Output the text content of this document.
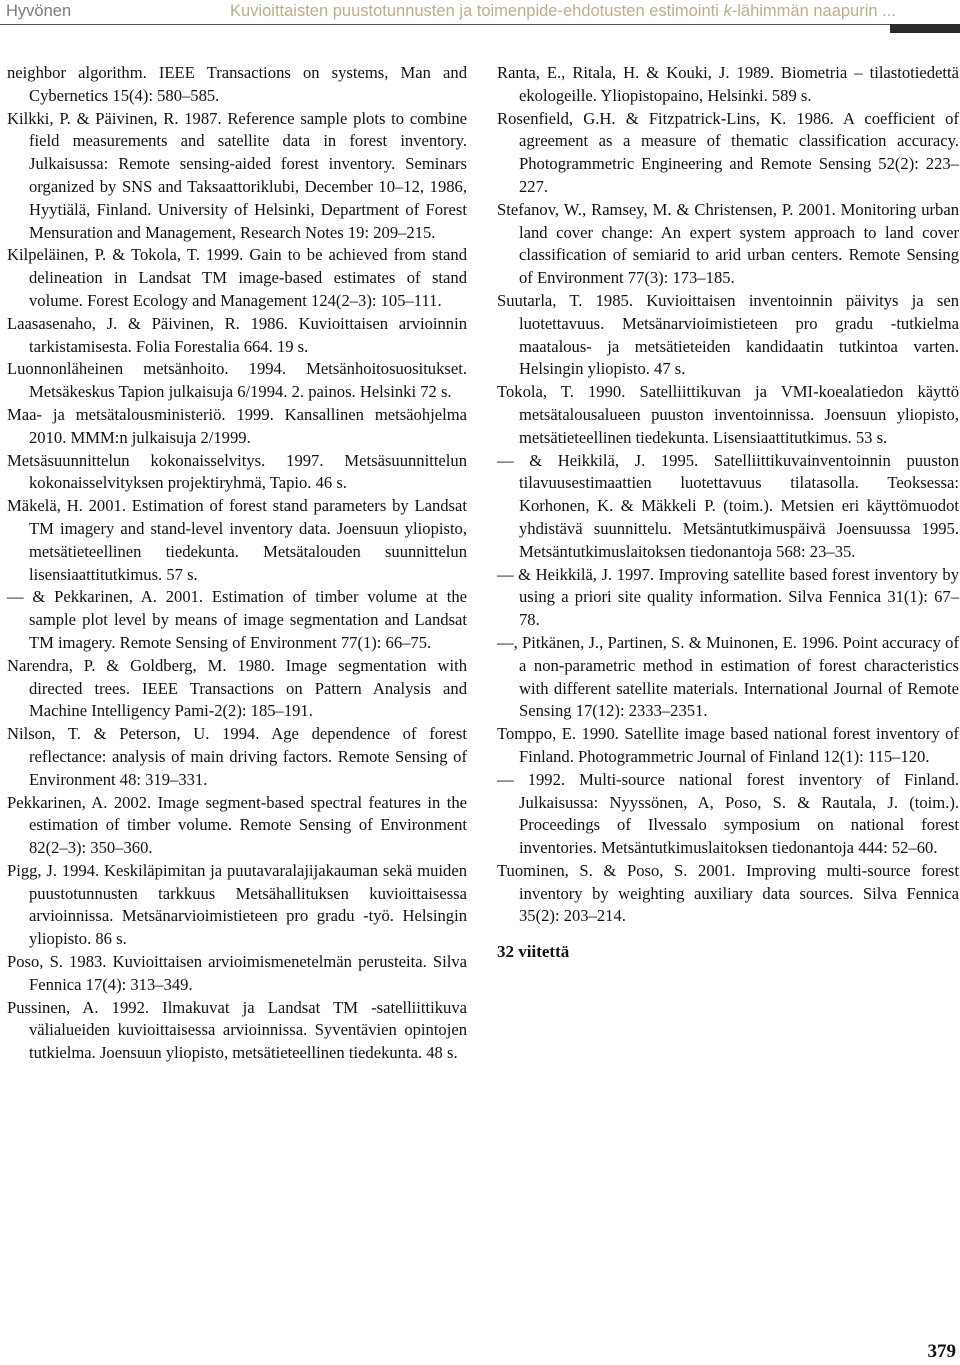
Hyvönen	Kuvioittaisten puustotunnusten ja toimenpide-ehdotusten estimointi k-lähimmän naapurin ...

neighbor algorithm. IEEE Transactions on systems, Man and Cybernetics 15(4): 580–585.

Kilkki, P. & Päivinen, R. 1987. Reference sample plots to combine field measurements and satellite data in forest inventory. Julkaisussa: Remote sensing-aided forest inventory. Seminars organized by SNS and Taksaattoriklubi, December 10–12, 1986, Hyytiälä, Finland. University of Helsinki, Department of Forest Mensuration and Management, Research Notes 19: 209–215.

Kilpeläinen, P. & Tokola, T. 1999. Gain to be achieved from stand delineation in Landsat TM image-based estimates of stand volume. Forest Ecology and Management 124(2–3): 105–111.

Laasasenaho, J. & Päivinen, R. 1986. Kuvioittaisen arvioinnin tarkistamisesta. Folia Forestalia 664. 19 s.

Luonnonläheinen metsänhoito. 1994. Metsänhoitosuositukset. Metsäkeskus Tapion julkaisuja 6/1994. 2. painos. Helsinki 72 s.

Maa- ja metsätalousministeriö. 1999. Kansallinen metsäohjelma 2010. MMM:n julkaisuja 2/1999.

Metsäsuunnittelun kokonaisselvitys. 1997. Metsäsuunnittelun kokonaisselvityksen projektiryhmä, Tapio. 46 s.

Mäkelä, H. 2001. Estimation of forest stand parameters by Landsat TM imagery and stand-level inventory data. Joensuun yliopisto, metsätieteellinen tiedekunta. Metsätalouden suunnittelun lisensiaattitutkimus. 57 s.

— & Pekkarinen, A. 2001. Estimation of timber volume at the sample plot level by means of image segmentation and Landsat TM imagery. Remote Sensing of Environment 77(1): 66–75.

Narendra, P. & Goldberg, M. 1980. Image segmentation with directed trees. IEEE Transactions on Pattern Analysis and Machine Intelligency Pami-2(2): 185–191.

Nilson, T. & Peterson, U. 1994. Age dependence of forest reflectance: analysis of main driving factors. Remote Sensing of Environment 48: 319–331.

Pekkarinen, A. 2002. Image segment-based spectral features in the estimation of timber volume. Remote Sensing of Environment 82(2–3): 350–360.

Pigg, J. 1994. Keskiläpimitan ja puutavaralajijakauman sekä muiden puustotunnusten tarkkuus Metsähallituksen kuvioittaisessa arvioinnissa. Metsänarvioimistieteen pro gradu -työ. Helsingin yliopisto. 86 s.

Poso, S. 1983. Kuvioittaisen arvioimismenetelmän perusteita. Silva Fennica 17(4): 313–349.

Pussinen, A. 1992. Ilmakuvat ja Landsat TM -satelliittikuva välialueiden kuvioittaisessa arvioinnissa. Syventävien opintojen tutkielma. Joensuun yliopisto, metsätieteellinen tiedekunta. 48 s.

Ranta, E., Ritala, H. & Kouki, J. 1989. Biometria – tilastotiedettä ekologeille. Yliopistopaino, Helsinki. 589 s.

Rosenfield, G.H. & Fitzpatrick-Lins, K. 1986. A coefficient of agreement as a measure of thematic classification accuracy. Photogrammetric Engineering and Remote Sensing 52(2): 223–227.

Stefanov, W., Ramsey, M. & Christensen, P. 2001. Monitoring urban land cover change: An expert system approach to land cover classification of semiarid to arid urban centers. Remote Sensing of Environment 77(3): 173–185.

Suutarla, T. 1985. Kuvioittaisen inventoinnin päivitys ja sen luotettavuus. Metsänarvioimistieteen pro gradu -tutkielma maatalous- ja metsätieteiden kandidaatin tutkintoa varten. Helsingin yliopisto. 47 s.

Tokola, T. 1990. Satelliittikuvan ja VMI-koealatiedon käyttö metsätalousalueen puuston inventoinnissa. Joensuun yliopisto, metsätieteellinen tiedekunta. Lisensiaattitutkimus. 53 s.

— & Heikkilä, J. 1995. Satelliittikuvainventoinnin puuston tilavuusestimaattien luotettavuus tilatasolla. Teoksessa: Korhonen, K. & Mäkkeli P. (toim.). Metsien eri käyttömuodot yhdistävä suunnittelu. Metsäntutkimuspäivä Joensuussa 1995. Metsäntutkimuslaitoksen tiedonantoja 568: 23–35.

— & Heikkilä, J. 1997. Improving satellite based forest inventory by using a priori site quality information. Silva Fennica 31(1): 67–78.

—, Pitkänen, J., Partinen, S. & Muinonen, E. 1996. Point accuracy of a non-parametric method in estimation of forest characteristics with different satellite materials. International Journal of Remote Sensing 17(12): 2333–2351.

Tomppo, E. 1990. Satellite image based national forest inventory of Finland. Photogrammetric Journal of Finland 12(1): 115–120.

— 1992. Multi-source national forest inventory of Finland. Julkaisussa: Nyyssönen, A, Poso, S. & Rautala, J. (toim.). Proceedings of Ilvessalo symposium on national forest inventories. Metsäntutkimuslaitoksen tiedonantoja 444: 52–60.

Tuominen, S. & Poso, S. 2001. Improving multi-source forest inventory by weighting auxiliary data sources. Silva Fennica 35(2): 203–214.

32 viitettä
379
